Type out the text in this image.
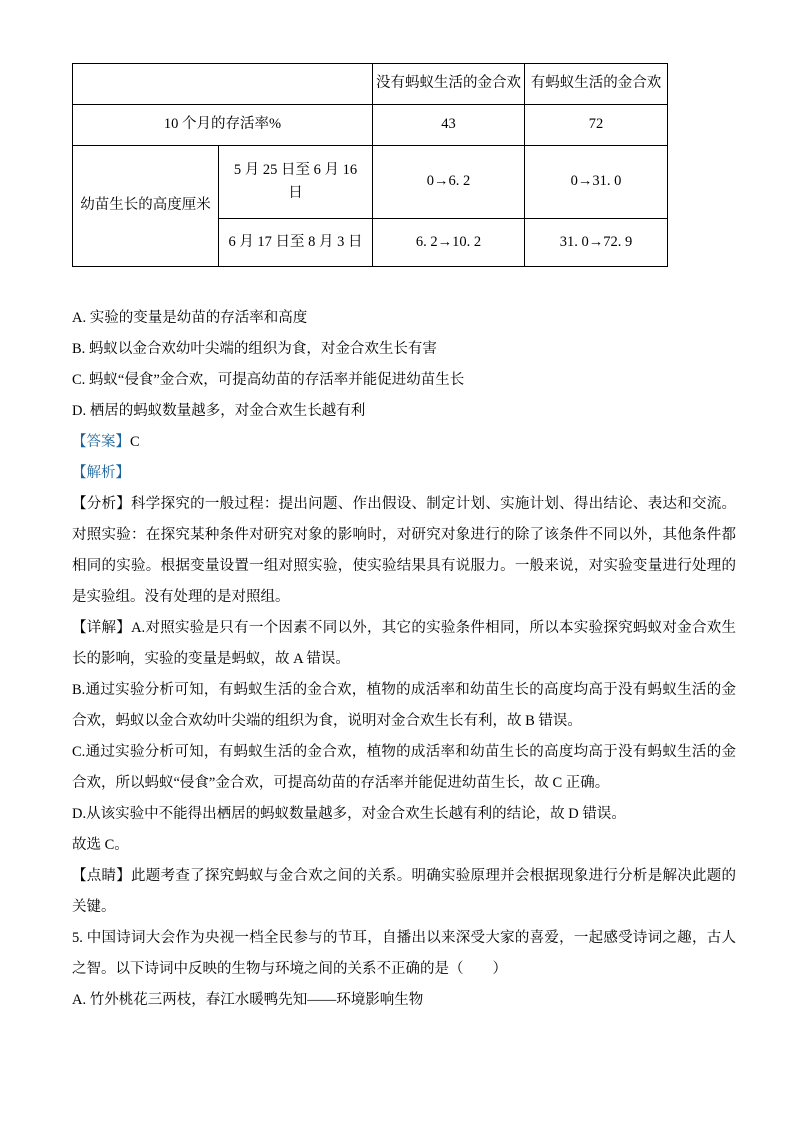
		没有蚂蚁生活的金合欢	有蚂蚁生活的金合欢
10 个月的存活率%		43	72
幼苗生长的高度厘米	5 月 25 日至 6 月 16 日	0→6. 2	0→31. 0
	6 月 17 日至 8 月 3 日	6. 2→10. 2	31. 0→72. 9

A. 实验的变量是幼苗的存活率和高度

B. 蚂蚁以金合欢幼叶尖端的组织为食，对金合欢生长有害

C. 蚂蚁“侵食”金合欢，可提高幼苗的存活率并能促进幼苗生长

D. 栖居的蚂蚁数量越多，对金合欢生长越有利

【答案】C

【解析】

【分析】科学探究的一般过程：提出问题、作出假设、制定计划、实施计划、得出结论、表达和交流。对照实验：在探究某种条件对研究对象的影响时，对研究对象进行的除了该条件不同以外，其他条件都相同的实验。根据变量设置一组对照实验，使实验结果具有说服力。一般来说，对实验变量进行处理的是实验组。没有处理的是对照组。

【详解】A.对照实验是只有一个因素不同以外，其它的实验条件相同，所以本实验探究蚂蚁对金合欢生长的影响，实验的变量是蚂蚁，故 A 错误。

B.通过实验分析可知，有蚂蚁生活的金合欢，植物的成活率和幼苗生长的高度均高于没有蚂蚁生活的金合欢，蚂蚁以金合欢幼叶尖端的组织为食，说明对金合欢生长有利，故 B 错误。

C.通过实验分析可知，有蚂蚁生活的金合欢，植物的成活率和幼苗生长的高度均高于没有蚂蚁生活的金合欢，所以蚂蚁“侵食”金合欢，可提高幼苗的存活率并能促进幼苗生长，故 C 正确。

D.从该实验中不能得出栖居的蚂蚁数量越多，对金合欢生长越有利的结论，故 D 错误。

故选 C。

【点睛】此题考查了探究蚂蚁与金合欢之间的关系。明确实验原理并会根据现象进行分析是解决此题的关键。

5. 中国诗词大会作为央视一档全民参与的节耳，自播出以来深受大家的喜爱，一起感受诗词之趣，古人之智。以下诗词中反映的生物与环境之间的关系不正确的是（　　）

A. 竹外桃花三两枝，春江水暖鸭先知——环境影响生物
